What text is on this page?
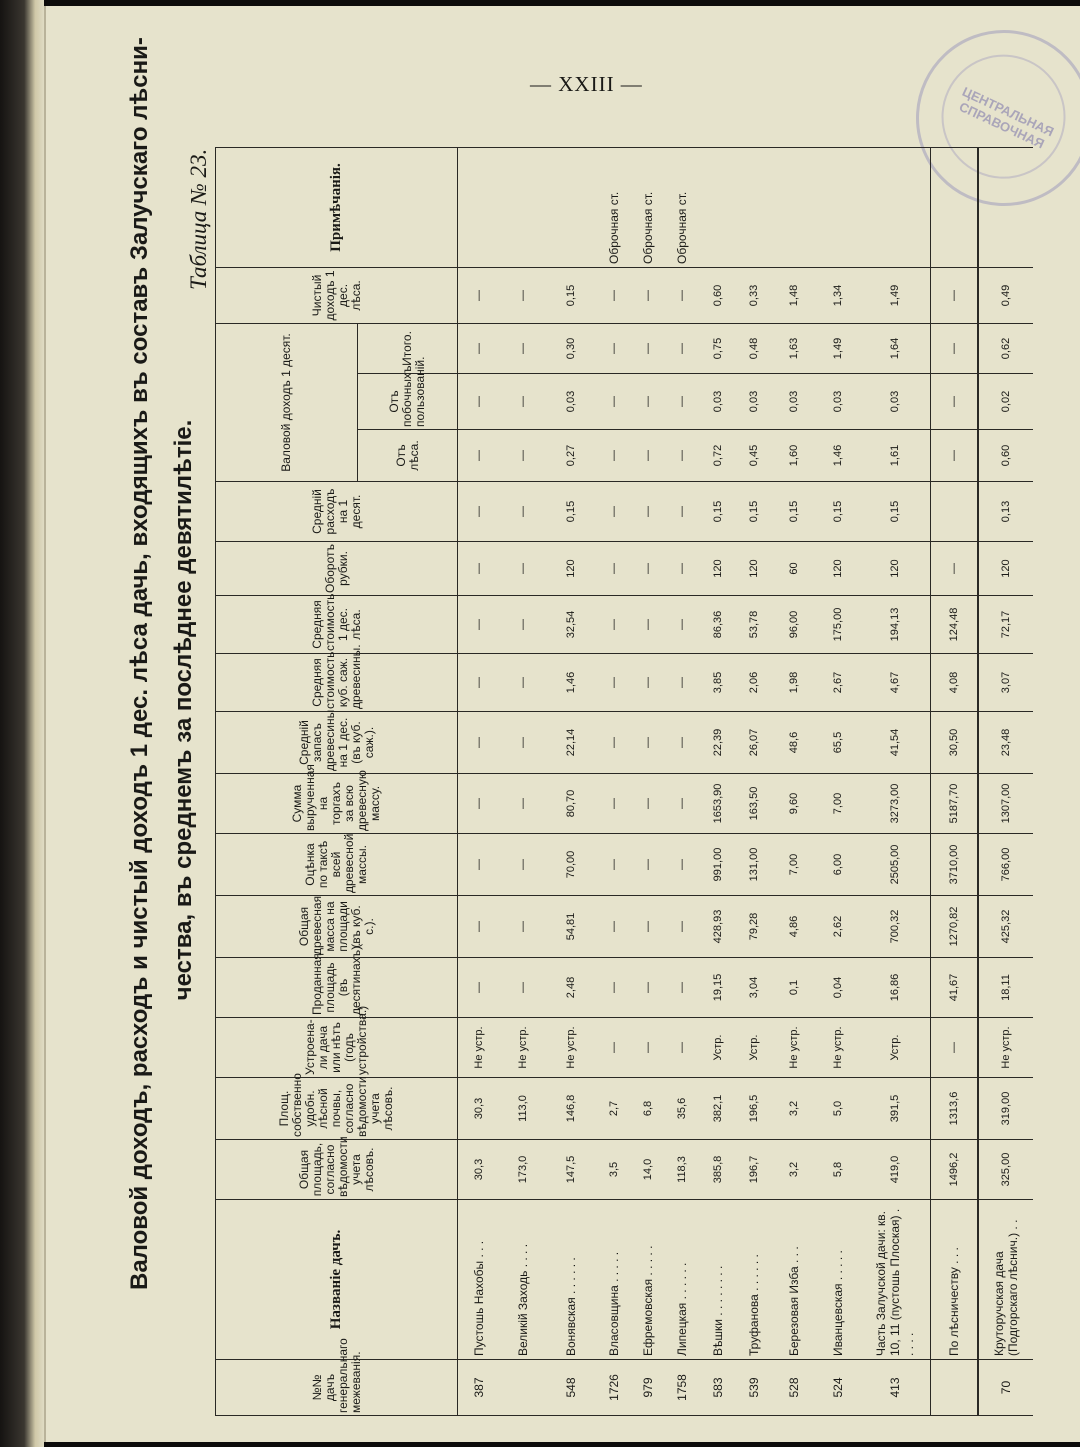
ЦЕНТРАЛЬНАЯ СПРАВОЧНАЯ
— XXIII —
Валовой доходъ, расходъ и чистый доходъ 1 дес. лѣса дачь, входящихъ въ составъ Залучскаго лѣсни- чества, въ среднемъ за послѣднее девятилѣтіе.
Таблица № 23.
№№ дачъ генеральнаго межеванія.	Названіе дачъ.	Общая площадь, согласно вѣдомости учета лѣсовъ.	Площ. собственно удобн. лѣсной почвы, согласно вѣдомости учета лѣсовъ.	Устроена-ли дача или нѣтъ (годъ устройства.)	Проданная площадь (въ десятинахъ).	Общая древесная масса на площади (въ куб. с.).	Оцѣнка по таксѣ всей древесной массы.	Сумма вырученная на торгахъ за всю древесную массу.	Средній запасъ древесины на 1 дес. (въ куб. саж.).	Средняя стоимость куб. саж. древесины.	Средняя стоимость 1 дес. лѣса.	Оборотъ рубки.	Средній расходъ на 1 десят.	Валовой доходъ 1 десят.			Чистый доходъ 1 дес. лѣса.	Примѣчанія.
														Отъ лѣса.	Отъ побочныхъ пользованій.	Итого.		
387	Пустошь Нахобы . . .	30,3	30,3	Не устр.	—	—	—	—	—	—	—	—	—	—	—	—	—	
	Великій Заходь . . . .	173,0	113,0	Не устр.	—	—	—	—	—	—	—	—	—	—	—	—	—	
548	Вонявская . . . . . .	147,5	146,8	Не устр.	2,48	54,81	70,00	80,70	22,14	1,46	32,54	120	0,15	0,27	0,03	0,30	0,15	
1726	Власовщина . . . . .	3,5	2,7	—	—	—	—	—	—	—	—	—	—	—	—	—	—	Оброчная ст.
979	Ефремовская . . . . .	14,0	6,8	—	—	—	—	—	—	—	—	—	—	—	—	—	—	Оброчная ст.
1758	Липецкая . . . . . .	118,3	35,6	—	—	—	—	—	—	—	—	—	—	—	—	—	—	Оброчная ст.
583	Вѣшки . . . . . . . .	385,8	382,1	Устр.	19,15	428,93	991,00	1653,90	22,39	3,85	86,36	120	0,15	0,72	0,03	0,75	0,60	
539	Труфанова . . . . . .	196,7	196,5	Устр.	3,04	79,28	131,00	163,50	26,07	2,06	53,78	120	0,15	0,45	0,03	0,48	0,33	
528	Березовая Изба . . .	3,2	3,2	Не устр.	0,1	4,86	7,00	9,60	48,6	1,98	96,00	60	0,15	1,60	0,03	1,63	1,48	
524	Иванцевская . . . . .	5,8	5,0	Не устр.	0,04	2,62	6,00	7,00	65,5	2,67	175,00	120	0,15	1,46	0,03	1,49	1,34	
413	Часть Залучской дачи: кв. 10, 11 (пустошь Плоская) . . . . .	419,0	391,5	Устр.	16,86	700,32	2505,00	3273,00	41,54	4,67	194,13	120	0,15	1,61	0,03	1,64	1,49	
	По лѣсничеству . . .	1496,2	1313,6	—	41,67	1270,82	3710,00	5187,70	30,50	4,08	124,48	—		—	—	—	—	
70	Круторучская дача (Подгорскаго лѣснич.) . .	325,00	319,00	Не устр.	18,11	425,32	766,00	1307,00	23,48	3,07	72,17	120	0,13	0,60	0,02	0,62	0,49	
